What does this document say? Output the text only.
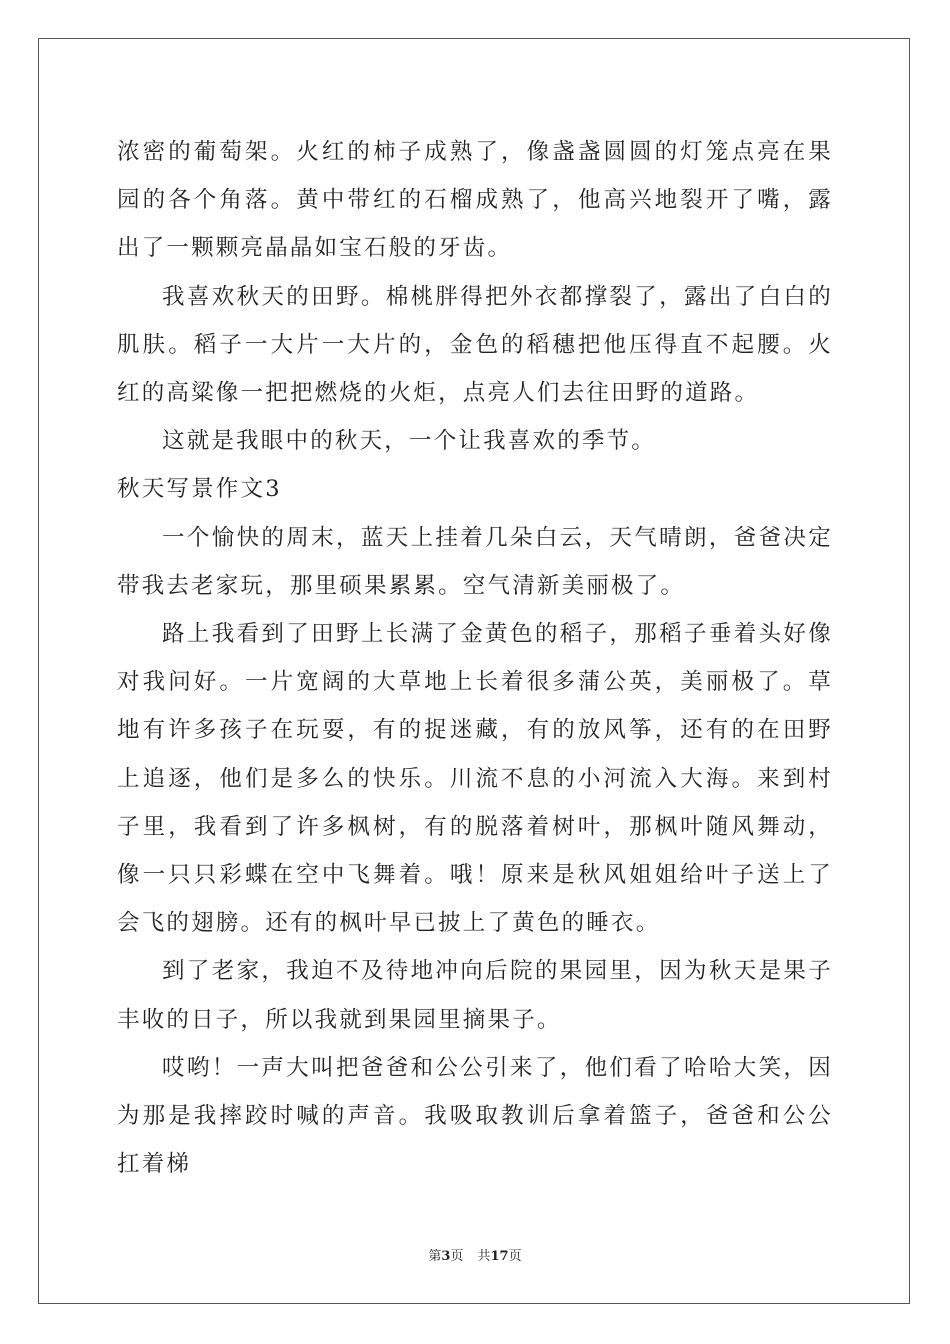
浓密的葡萄架。火红的柿子成熟了，像盏盏圆圆的灯笼点亮在果园的各个角落。黄中带红的石榴成熟了，他高兴地裂开了嘴，露出了一颗颗亮晶晶如宝石般的牙齿。

我喜欢秋天的田野。棉桃胖得把外衣都撑裂了，露出了白白的肌肤。稻子一大片一大片的，金色的稻穗把他压得直不起腰。火红的高粱像一把把燃烧的火炬，点亮人们去往田野的道路。

这就是我眼中的秋天，一个让我喜欢的季节。

秋天写景作文3

一个愉快的周末，蓝天上挂着几朵白云，天气晴朗，爸爸决定带我去老家玩，那里硕果累累。空气清新美丽极了。

路上我看到了田野上长满了金黄色的稻子，那稻子垂着头好像对我问好。一片宽阔的大草地上长着很多蒲公英，美丽极了。草地有许多孩子在玩耍，有的捉迷藏，有的放风筝，还有的在田野上追逐，他们是多么的快乐。川流不息的小河流入大海。来到村子里，我看到了许多枫树，有的脱落着树叶，那枫叶随风舞动，像一只只彩蝶在空中飞舞着。哦！原来是秋风姐姐给叶子送上了会飞的翅膀。还有的枫叶早已披上了黄色的睡衣。

到了老家，我迫不及待地冲向后院的果园里，因为秋天是果子丰收的日子，所以我就到果园里摘果子。

哎哟！一声大叫把爸爸和公公引来了，他们看了哈哈大笑，因为那是我摔跤时喊的声音。我吸取教训后拿着篮子，爸爸和公公扛着梯

第3页 共17页
